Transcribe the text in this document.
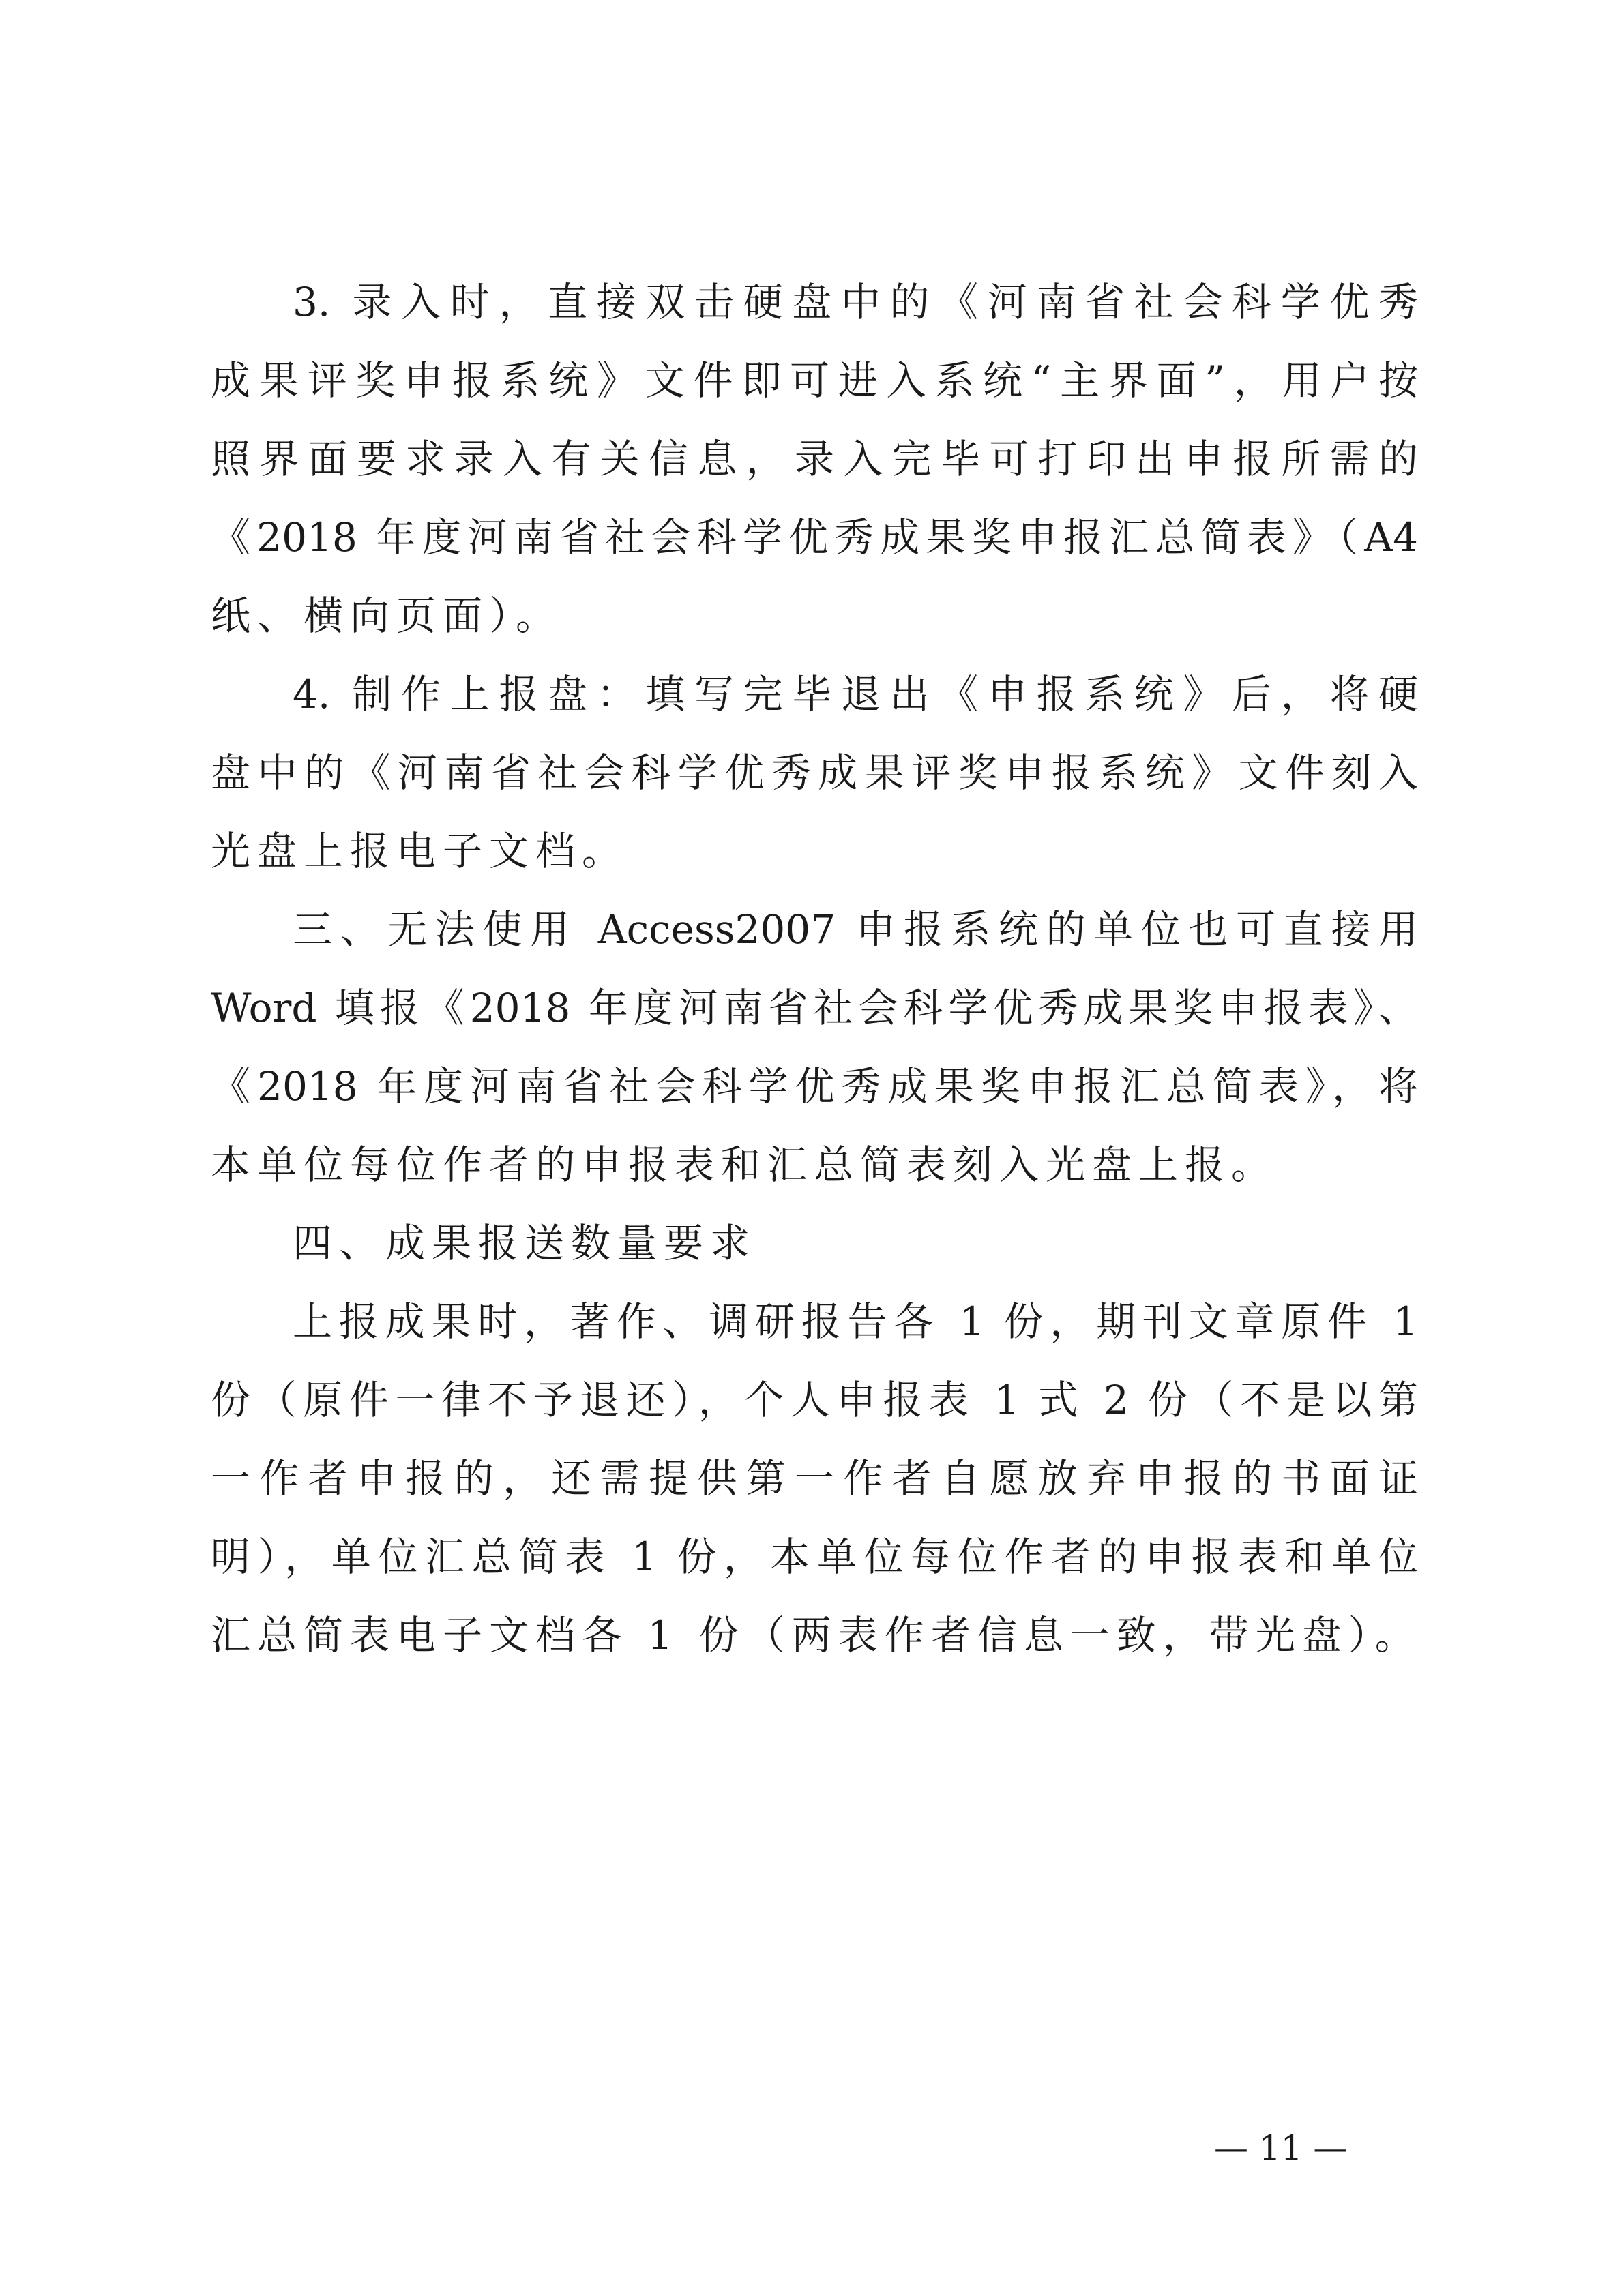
3. 录入时，直接双击硬盘中的《河南省社会科学优秀
成果评奖申报系统》文件即可进入系统“主界面”，用户按
照界面要求录入有关信息，录入完毕可打印出申报所需的
《2018 年度河南省社会科学优秀成果奖申报汇总简表》（A4
纸、横向页面）。
4. 制作上报盘：填写完毕退出《申报系统》后，将硬
盘中的《河南省社会科学优秀成果评奖申报系统》文件刻入
光盘上报电子文档。
三、无法使用 Access2007 申报系统的单位也可直接用
Word 填报《2018 年度河南省社会科学优秀成果奖申报表》、
《2018 年度河南省社会科学优秀成果奖申报汇总简表》，将
本单位每位作者的申报表和汇总简表刻入光盘上报。
四、成果报送数量要求
上报成果时，著作、调研报告各 1 份，期刊文章原件 1
份（原件一律不予退还），个人申报表 1 式 2 份（不是以第
一作者申报的，还需提供第一作者自愿放弃申报的书面证
明），单位汇总简表 1 份，本单位每位作者的申报表和单位
汇总简表电子文档各 1 份（两表作者信息一致，带光盘）。
— 11 —
